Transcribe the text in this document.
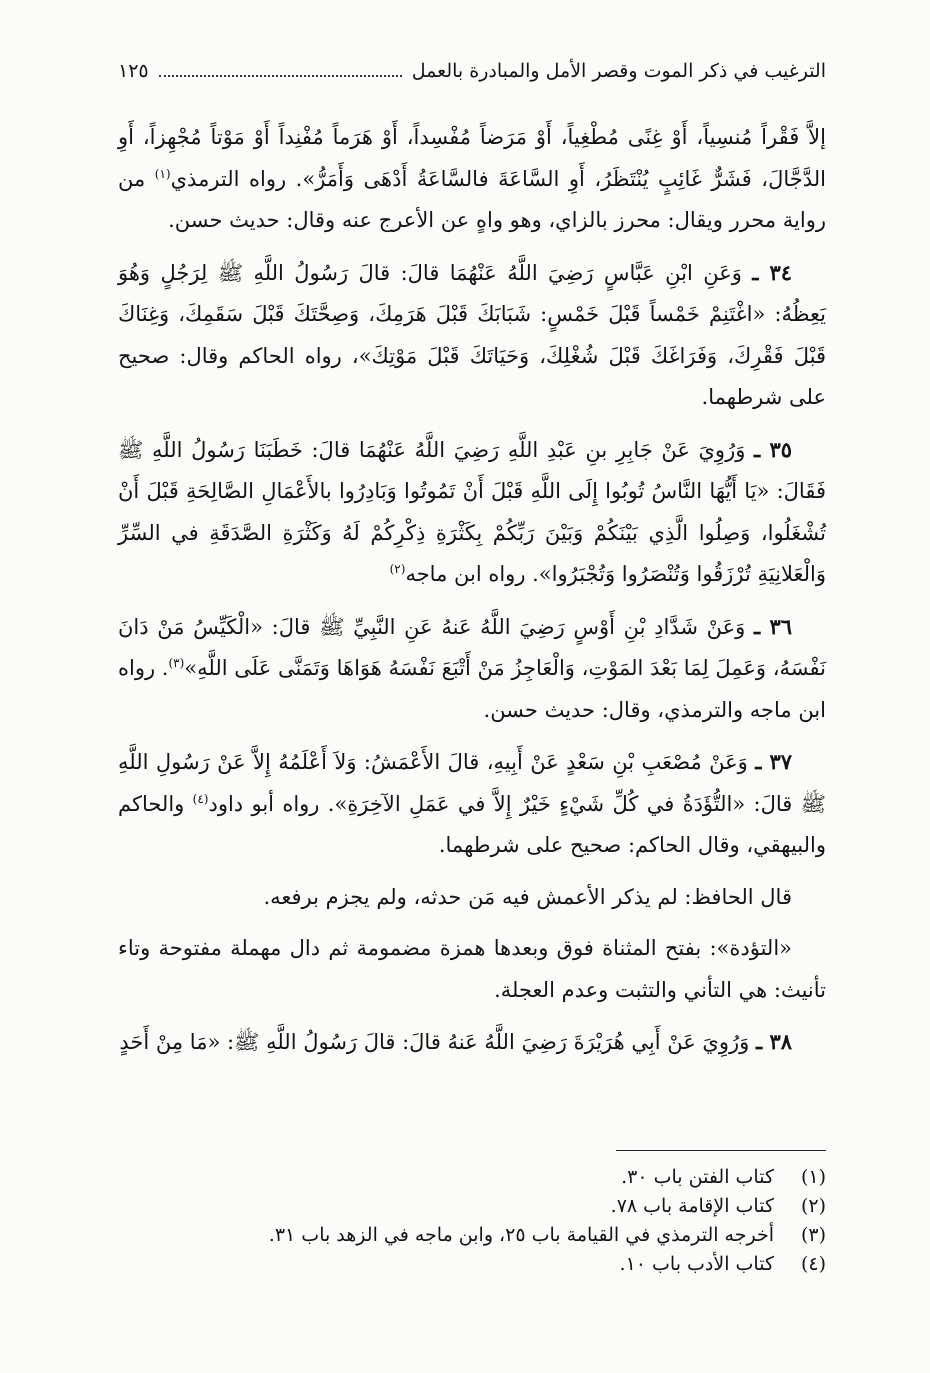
الترغيب في ذكر الموت وقصر الأمل والمبادرة بالعمل
١٢٥

إلاَّ فَقْراً مُنسِياً، أَوْ غِنًى مُطْغِياً، أَوْ مَرَضاً مُفْسِداً، أَوْ هَرَماً مُفْنِداً أَوْ مَوْتاً مُجْهِزاً، أَوِ الدَّجَّالَ، فَشَرٌّ غَائِبٍ يُنْتَظَرُ، أَوِ السَّاعَةَ فالسَّاعَةُ أَدْهَى وَأَمَرُّ». رواه الترمذي$^{(١)}$ من رواية محرر ويقال: محرز بالزاي، وهو واهٍ عن الأعرج عنه وقال: حديث حسن.

٣٤ ـ وَعَنِ ابْنِ عَبَّاسٍ رَضِيَ اللَّهُ عَنْهُمَا قالَ: قالَ رَسُولُ اللَّهِ ﷺ لِرَجُلٍ وَهُوَ يَعِظُهُ: «اغْتَنِمْ خَمْساً قَبْلَ خَمْسٍ: شَبَابَكَ قَبْلَ هَرَمِكَ، وَصِحَّتَكَ قَبْلَ سَقَمِكَ، وَغِنَاكَ قَبْلَ فَقْرِكَ، وَفَرَاغَكَ قَبْلَ شُغْلِكَ، وَحَيَاتَكَ قَبْلَ مَوْتِكَ»، رواه الحاكم وقال: صحيح على شرطهما.

٣٥ ـ وَرُوِيَ عَنْ جَابِرِ بنِ عَبْدِ اللَّهِ رَضِيَ اللَّهُ عَنْهُمَا قالَ: خَطَبَنَا رَسُولُ اللَّهِ ﷺ فَقَالَ: «يَا أَيُّهَا النَّاسُ تُوبُوا إِلَى اللَّهِ قَبْلَ أَنْ تَمُوتُوا وَبَادِرُوا بالأَعْمَالِ الصَّالِحَةِ قَبْلَ أَنْ تُشْغَلُوا، وَصِلُوا الَّذِي بَيْنَكُمْ وَبَيْنَ رَبِّكُمْ بِكَثْرَةِ ذِكْرِكُمْ لَهُ وَكَثْرَةِ الصَّدَقَةِ في السِّرِّ وَالْعَلانِيَةِ تُرْزَقُوا وَتُنْصَرُوا وَتُجْبَرُوا». رواه ابن ماجه$^{(٢)}$

٣٦ ـ وَعَنْ شَدَّادِ بْنِ أَوْسٍ رَضِيَ اللَّهُ عَنهُ عَنِ النَّبِيِّ ﷺ قالَ: «الْكَيِّسُ مَنْ دَانَ نَفْسَهُ، وَعَمِلَ لِمَا بَعْدَ المَوْتِ، وَالْعَاجِزُ مَنْ أَتْبَعَ نَفْسَهُ هَوَاهَا وَتَمَنَّى عَلَى اللَّهِ»$^{(٣)}$. رواه ابن ماجه والترمذي، وقال: حديث حسن.

٣٧ ـ وَعَنْ مُصْعَبِ بْنِ سَعْدٍ عَنْ أَبِيهِ، قالَ الأَعْمَشُ: وَلاَ أَعْلَمُهُ إِلاَّ عَنْ رَسُولِ اللَّهِ ﷺ قالَ: «التُّؤَدَةُ في كُلِّ شَيْءٍ خَيْرٌ إِلاَّ في عَمَلِ الآخِرَةِ». رواه أبو داود$^{(٤)}$ والحاكم والبيهقي، وقال الحاكم: صحيح على شرطهما.

قال الحافظ: لم يذكر الأعمش فيه مَن حدثه، ولم يجزم برفعه.

«التؤدة»: بفتح المثناة فوق وبعدها همزة مضمومة ثم دال مهملة مفتوحة وتاء تأنيث: هي التأني والتثبت وعدم العجلة.

٣٨ ـ وَرُوِيَ عَنْ أَبِي هُرَيْرَةَ رَضِيَ اللَّهُ عَنهُ قالَ: قالَ رَسُولُ اللَّهِ ﷺ: «مَا مِنْ أَحَدٍ

(١)
كتاب الفتن باب ٣٠.
(٢)
كتاب الإقامة باب ٧٨.
(٣)
أخرجه الترمذي في القيامة باب ٢٥، وابن ماجه في الزهد باب ٣١.
(٤)
كتاب الأدب باب ١٠.
